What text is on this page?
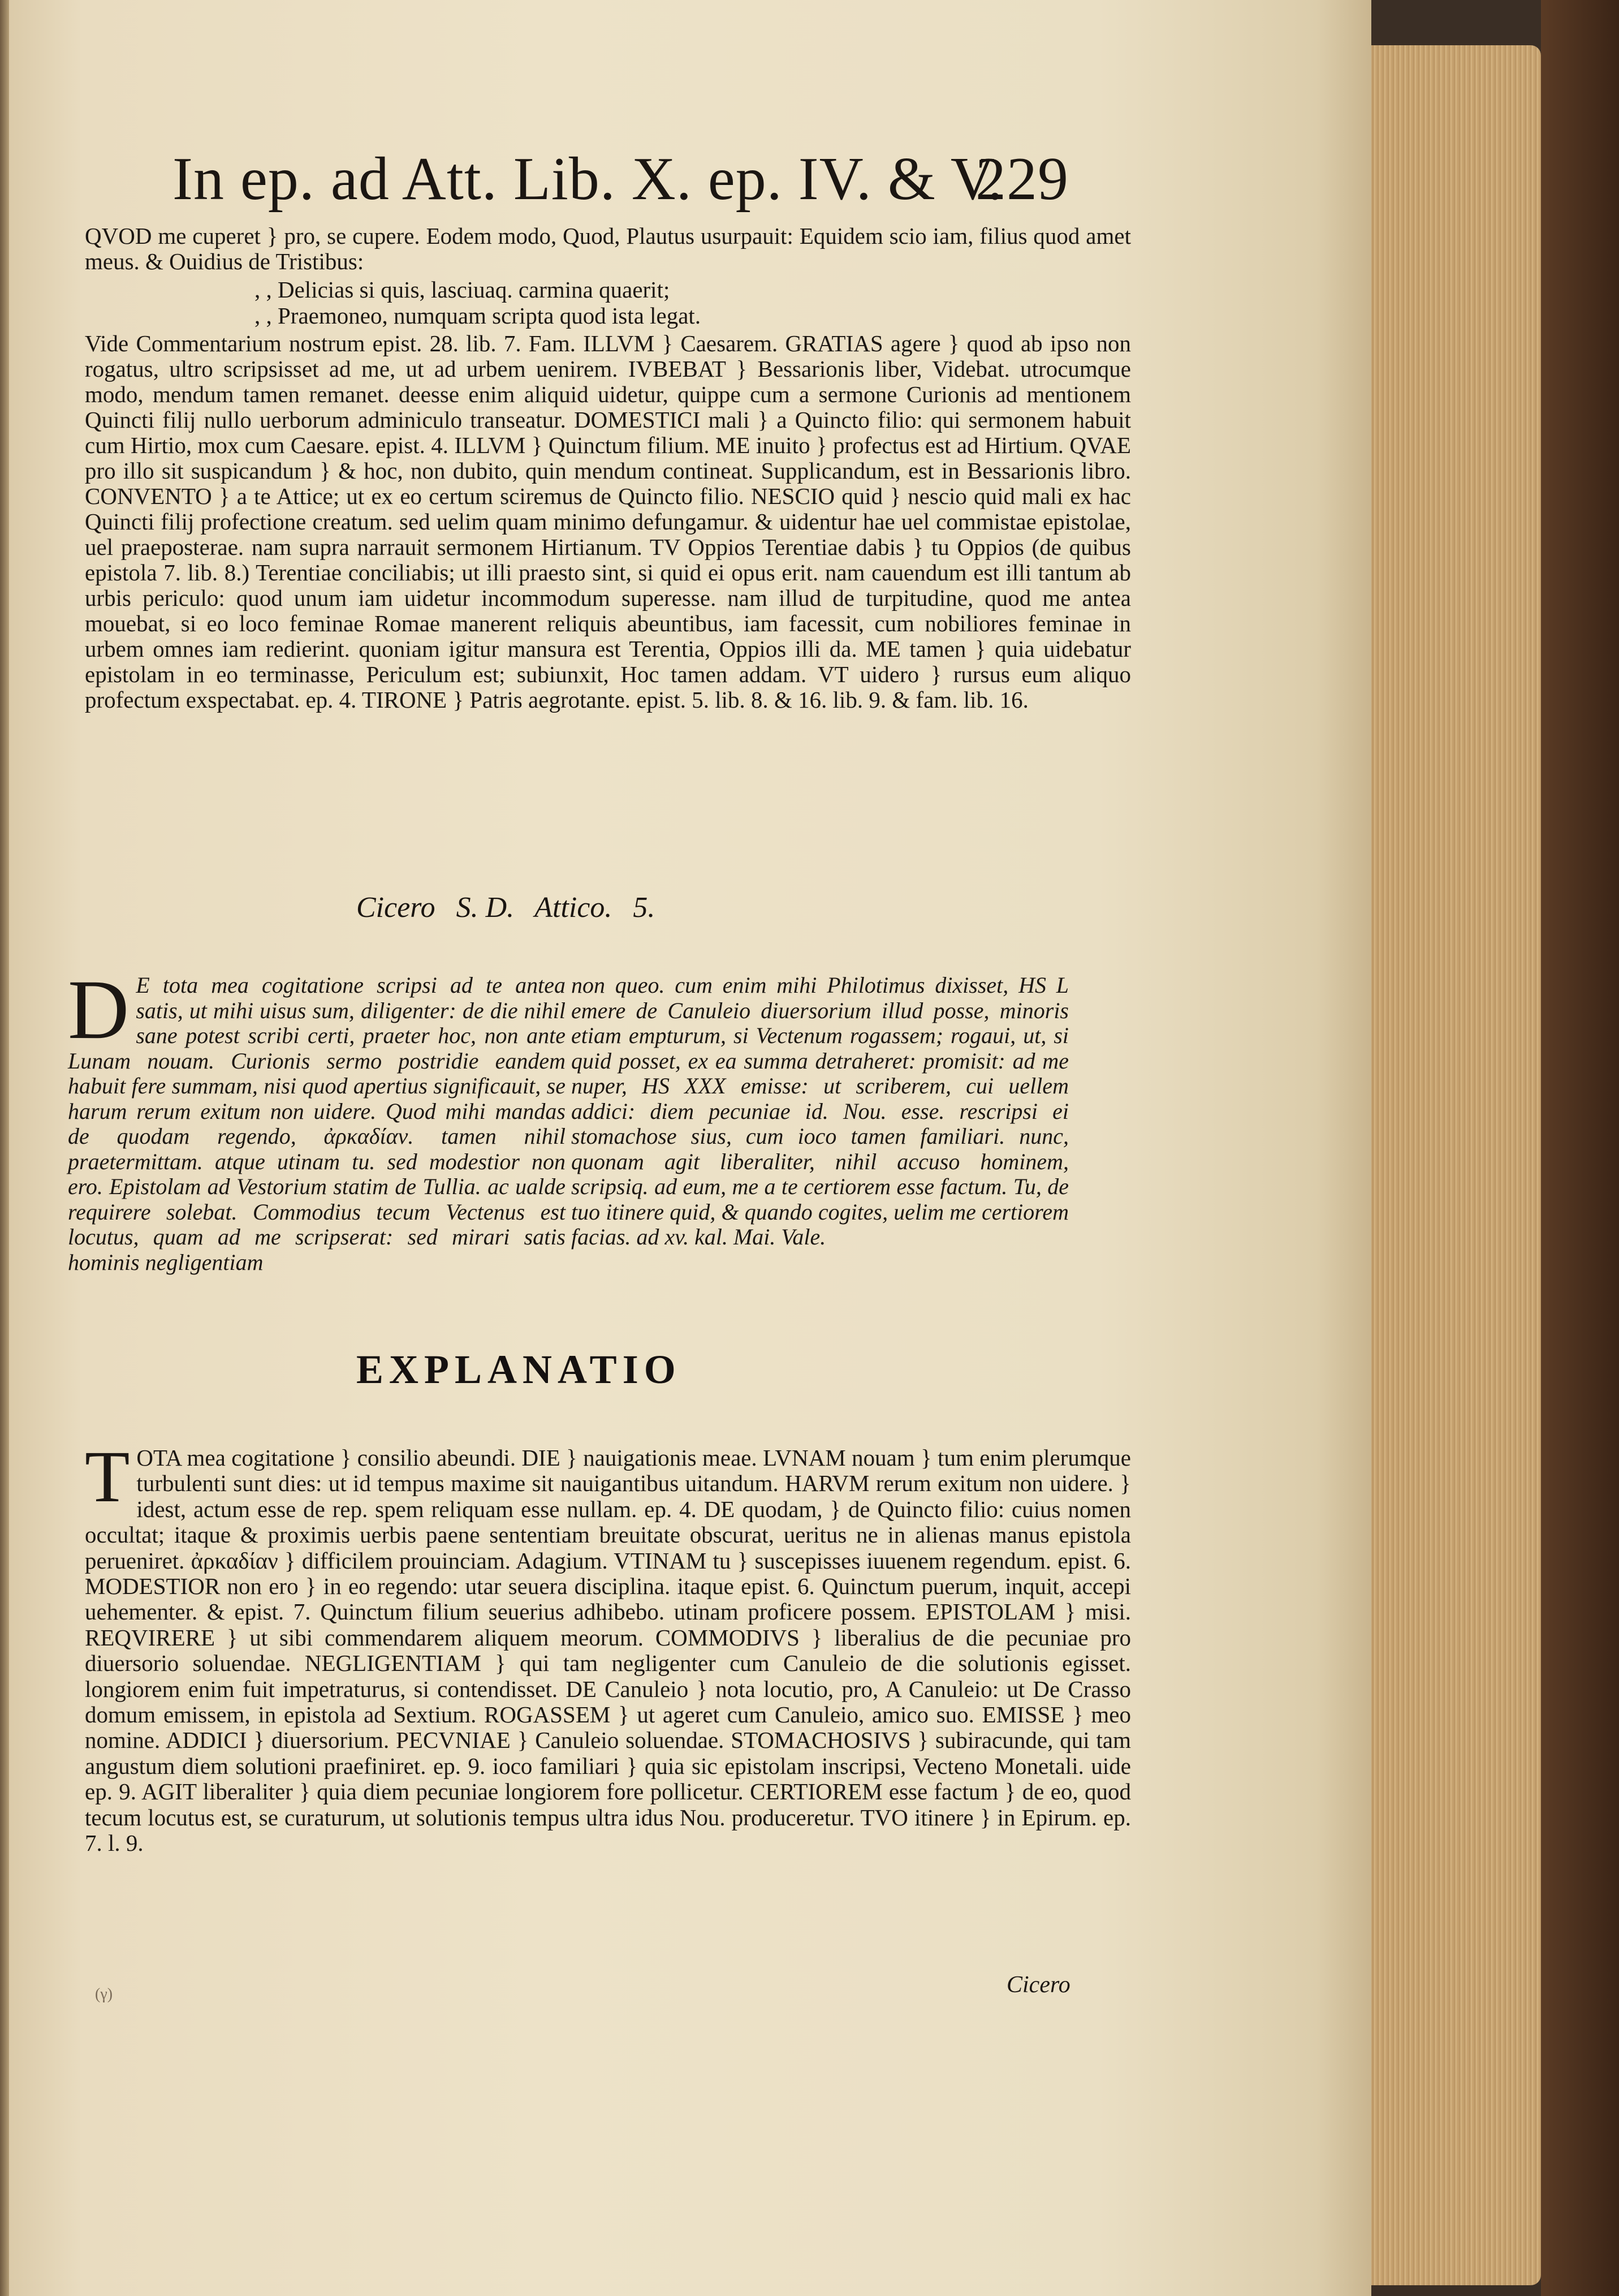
In ep. ad Att. Lib. X. ep. IV. & V.
229
QVOD me cuperet } pro, se cupere. Eodem modo, Quod, Plautus usurpauit: Equidem scio iam, filius quod amet meus. & Ouidius de Tristibus:
, , Delicias si quis, lasciuaq. carmina quaerit;
, , Praemoneo, numquam scripta quod ista legat.
Vide Commentarium nostrum epist. 28. lib. 7. Fam. ILLVM } Caesarem. GRATIAS agere } quod ab ipso non rogatus, ultro scripsisset ad me, ut ad urbem uenirem. IVBEBAT } Bessarionis liber, Videbat. utrocumque modo, mendum tamen remanet. deesse enim aliquid uidetur, quippe cum a sermone Curionis ad mentionem Quincti filij nullo uerborum adminiculo transeatur. DOMESTICI mali } a Quincto filio: qui sermonem habuit cum Hirtio, mox cum Caesare. epist. 4. ILLVM } Quinctum filium. ME inuito } profectus est ad Hirtium. QVAE pro illo sit suspicandum } & hoc, non dubito, quin mendum contineat. Supplicandum, est in Bessarionis libro. CONVENTO } a te Attice; ut ex eo certum sciremus de Quincto filio. NESCIO quid } nescio quid mali ex hac Quincti filij profectione creatum. sed uelim quam minimo defungamur. & uidentur hae uel commistae epistolae, uel praeposterae. nam supra narrauit sermonem Hirtianum. TV Oppios Terentiae dabis } tu Oppios (de quibus epistola 7. lib. 8.) Terentiae conciliabis; ut illi praesto sint, si quid ei opus erit. nam cauendum est illi tantum ab urbis periculo: quod unum iam uidetur incommodum superesse. nam illud de turpitudine, quod me antea mouebat, si eo loco feminae Romae manerent reliquis abeuntibus, iam facessit, cum nobiliores feminae in urbem omnes iam redierint. quoniam igitur mansura est Terentia, Oppios illi da. ME tamen } quia uidebatur epistolam in eo terminasse, Periculum est; subiunxit, Hoc tamen addam. VT uidero } rursus eum aliquo profectum exspectabat. ep. 4. TIRONE } Patris aegrotante. epist. 5. lib. 8. & 16. lib. 9. & fam. lib. 16.
Cicero S. D. Attico. 5.
D E tota mea cogitatione scripsi ad te antea satis, ut mihi uisus sum, diligenter: de die nihil sane potest scribi certi, praeter hoc, non ante Lunam nouam. Curionis sermo postridie eandem habuit fere summam, nisi quod apertius significauit, se harum rerum exitum non uidere. Quod mihi mandas de quodam regendo, ἀρκαδίαν. tamen nihil praetermittam. atque utinam tu. sed modestior non ero. Epistolam ad Vestorium statim de Tullia. ac ualde requirere solebat. Commodius tecum Vectenus est locutus, quam ad me scripserat: sed mirari satis hominis negligentiam
non queo. cum enim mihi Philotimus dixisset, HS L emere de Canuleio diuersorium illud posse, minoris etiam empturum, si Vectenum rogassem; rogaui, ut, si quid posset, ex ea summa detraheret: promisit: ad me nuper, HS XXX emisse: ut scriberem, cui uellem addici: diem pecuniae id. Nou. esse. rescripsi ei stomachose sius, cum ioco tamen familiari. nunc, quonam agit liberaliter, nihil accuso hominem, scripsiq. ad eum, me a te certiorem esse factum. Tu, de tuo itinere quid, & quando cogites, uelim me certiorem facias. ad xv. kal. Mai. Vale.
EXPLANATIO
T OTA mea cogitatione } consilio abeundi. DIE } nauigationis meae. LVNAM nouam } tum enim plerumque turbulenti sunt dies: ut id tempus maxime sit nauigantibus uitandum. HARVM rerum exitum non uidere. } idest, actum esse de rep. spem reliquam esse nullam. ep. 4. DE quodam, } de Quincto filio: cuius nomen occultat; itaque & proximis uerbis paene sententiam breuitate obscurat, ueritus ne in alienas manus epistola perueniret. ἀρκαδίαν } difficilem prouinciam. Adagium. VTINAM tu } suscepisses iuuenem regendum. epist. 6. MODESTIOR non ero } in eo regendo: utar seuera disciplina. itaque epist. 6. Quinctum puerum, inquit, accepi uehementer. & epist. 7. Quinctum filium seuerius adhibebo. utinam proficere possem. EPISTOLAM } misi. REQVIRERE } ut sibi commendarem aliquem meorum. COMMODIVS } liberalius de die pecuniae pro diuersorio soluendae. NEGLIGENTIAM } qui tam negligenter cum Canuleio de die solutionis egisset. longiorem enim fuit impetraturus, si contendisset. DE Canuleio } nota locutio, pro, A Canuleio: ut De Crasso domum emissem, in epistola ad Sextium. ROGASSEM } ut ageret cum Canuleio, amico suo. EMISSE } meo nomine. ADDICI } diuersorium. PECVNIAE } Canuleio soluendae. STOMACHOSIVS } subiracunde, qui tam angustum diem solutioni praefiniret. ep. 9. ioco familiari } quia sic epistolam inscripsi, Vecteno Monetali. uide ep. 9. AGIT liberaliter } quia diem pecuniae longiorem fore pollicetur. CERTIOREM esse factum } de eo, quod tecum locutus est, se curaturum, ut solutionis tempus ultra idus Nou. produceretur. TVO itinere } in Epirum. ep. 7. l. 9.
(γ)	Cicero
